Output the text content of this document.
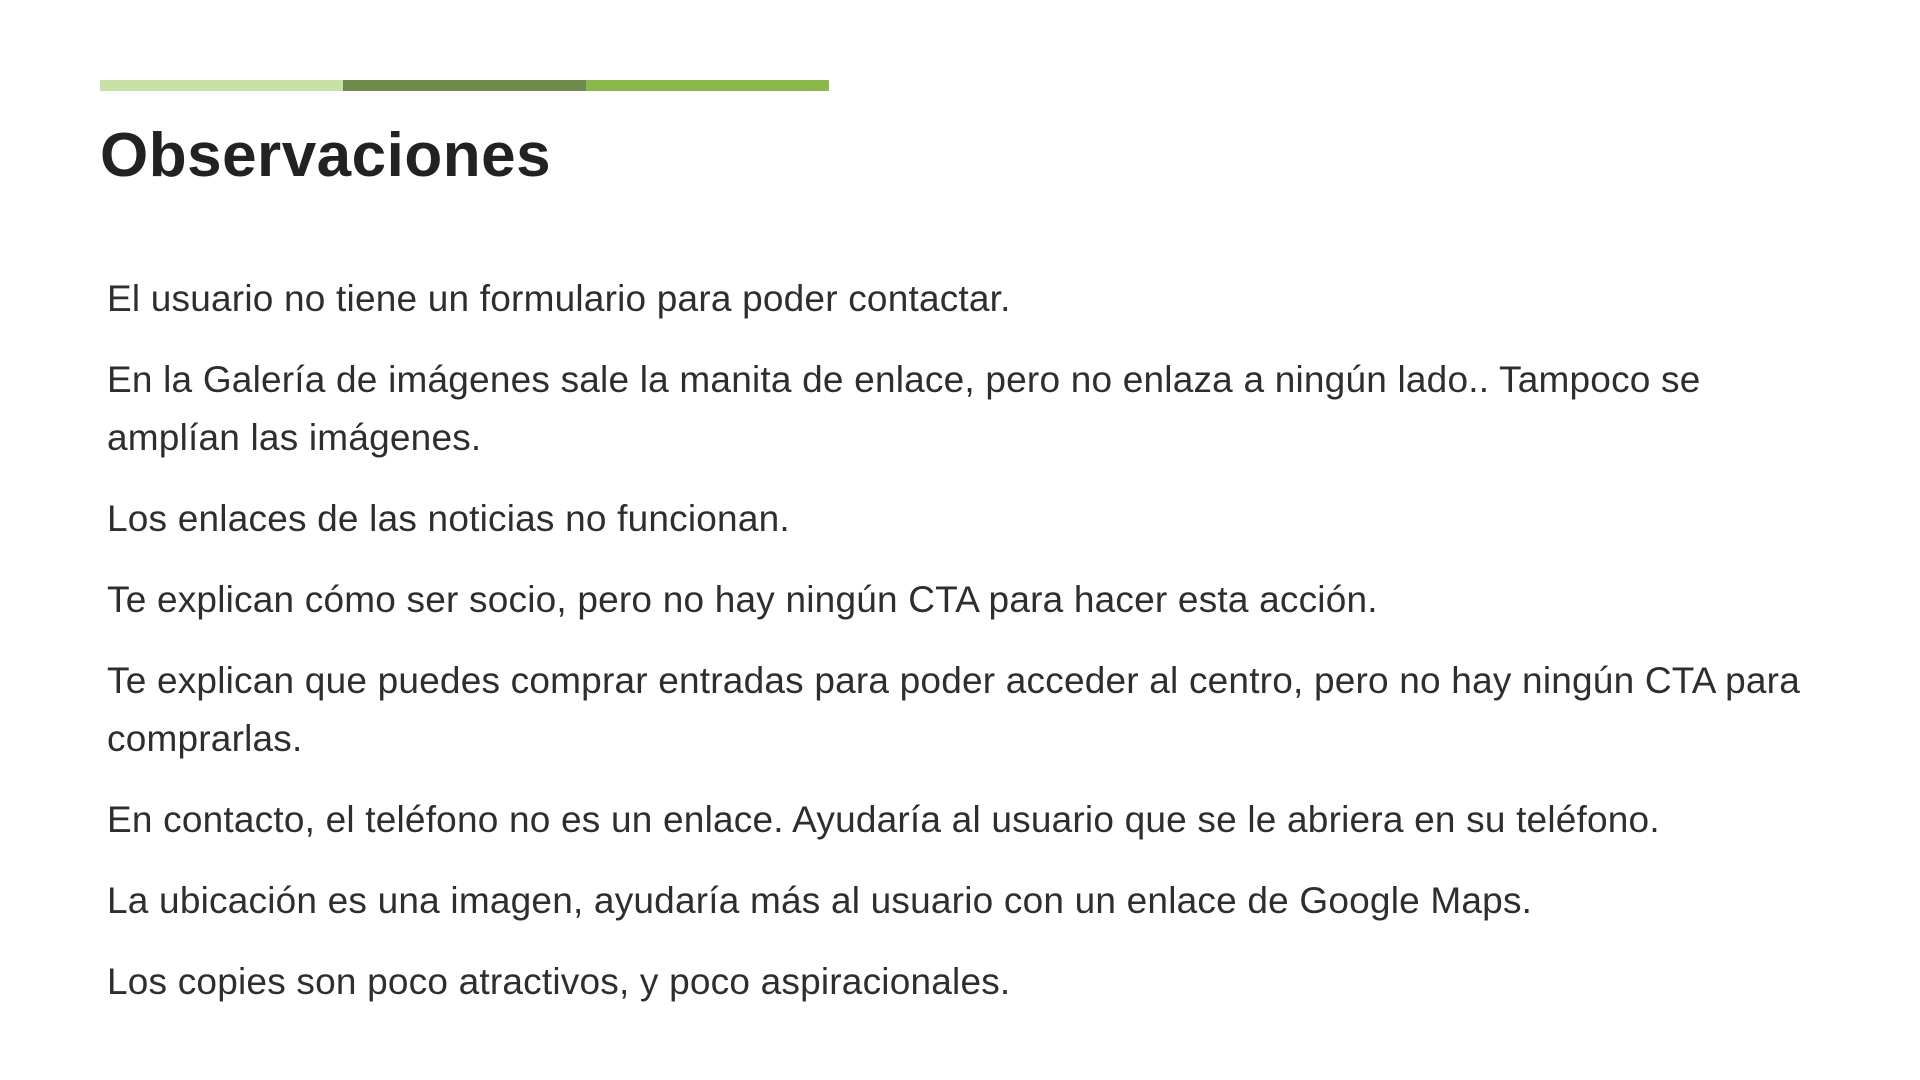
Observaciones
El usuario no tiene un formulario para poder contactar.
En la Galería de imágenes sale la manita de enlace, pero no enlaza a ningún lado.. Tampoco se amplían las imágenes.
Los enlaces de las noticias no funcionan.
Te explican cómo ser socio, pero no hay ningún CTA para hacer esta acción.
Te explican que puedes comprar entradas para poder acceder al centro, pero no hay ningún CTA para comprarlas.
En contacto, el teléfono no es un enlace. Ayudaría al usuario que se le abriera en su teléfono.
La ubicación es una imagen, ayudaría más al usuario con un enlace de Google Maps.
Los copies son poco atractivos, y poco aspiracionales.
